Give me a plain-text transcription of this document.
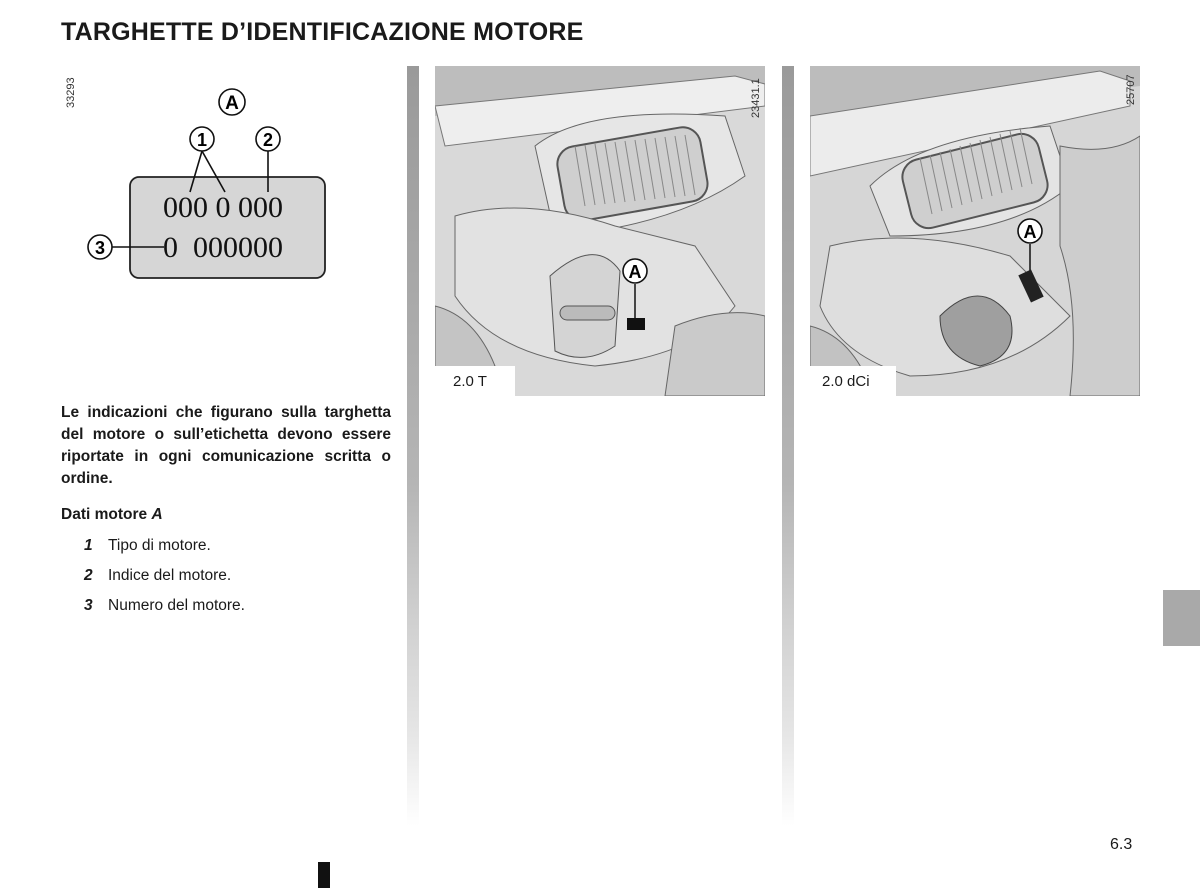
TARGHETTE D’IDENTIFICAZIONE MOTORE
33293	A
1	2
000 0 000
0  000000
3
Le indicazioni che figurano sulla targhetta del motore o sull’etichetta devono essere riportate in ogni comunicazione scritta o ordine.
Dati motore A
1 Tipo di motore.
2 Indice del motore.
3 Numero del motore.
A
23431.1
2.0 T
A
25707
2.0 dCi
6.3
